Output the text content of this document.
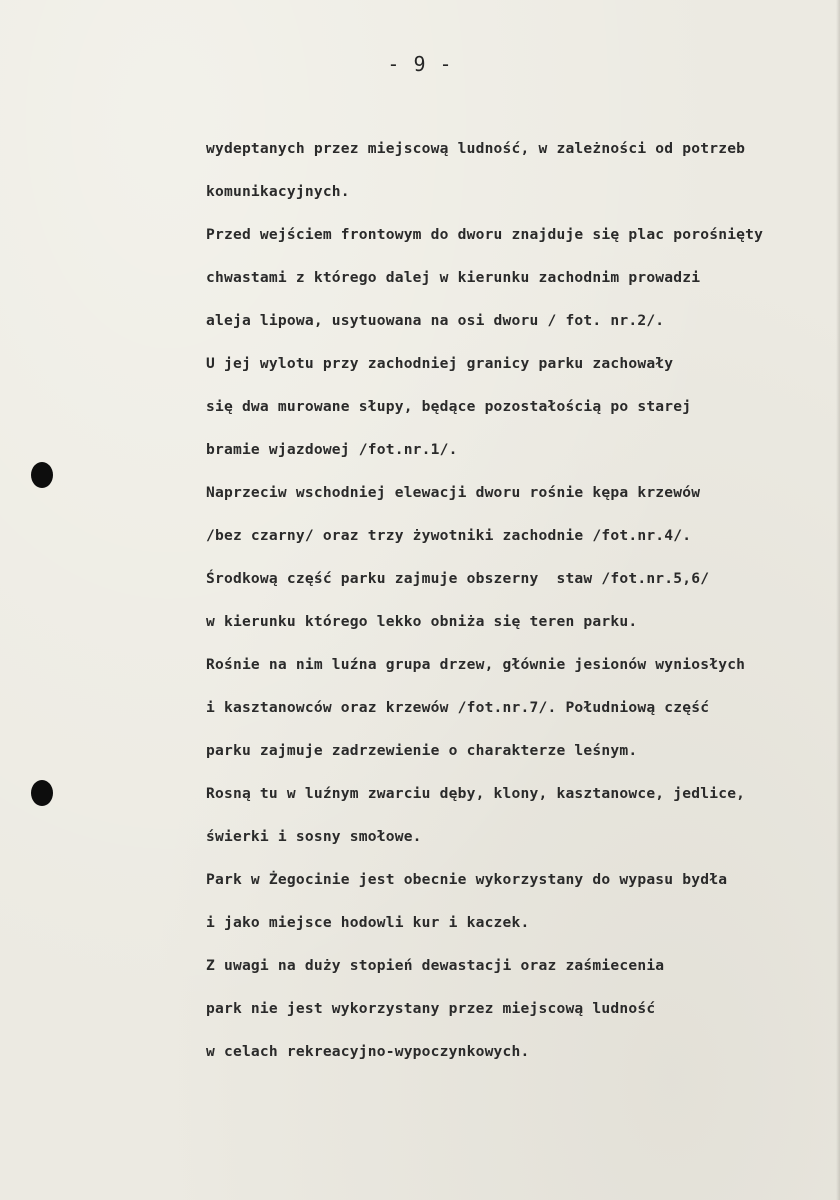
- 9 -
wydeptanych przez miejscową ludność, w zależności od potrzeb
komunikacyjnych.
Przed wejściem frontowym do dworu znajduje się plac porośnięty
chwastami z którego dalej w kierunku zachodnim prowadzi
aleja lipowa, usytuowana na osi dworu / fot. nr.2/.
U jej wylotu przy zachodniej granicy parku zachowały
się dwa murowane słupy, będące pozostałością po starej
bramie wjazdowej /fot.nr.1/.
Naprzeciw wschodniej elewacji dworu rośnie kępa krzewów
/bez czarny/ oraz trzy żywotniki zachodnie /fot.nr.4/.
Środkową część parku zajmuje obszerny  staw /fot.nr.5,6/
w kierunku którego lekko obniża się teren parku.
Rośnie na nim luźna grupa drzew, głównie jesionów wyniosłych
i kasztanowców oraz krzewów /fot.nr.7/. Południową część
parku zajmuje zadrzewienie o charakterze leśnym.
Rosną tu w luźnym zwarciu dęby, klony, kasztanowce, jedlice,
świerki i sosny smołowe.
Park w Żegocinie jest obecnie wykorzystany do wypasu bydła
i jako miejsce hodowli kur i kaczek.
Z uwagi na duży stopień dewastacji oraz zaśmiecenia
park nie jest wykorzystany przez miejscową ludność
w celach rekreacyjno-wypoczynkowych.
